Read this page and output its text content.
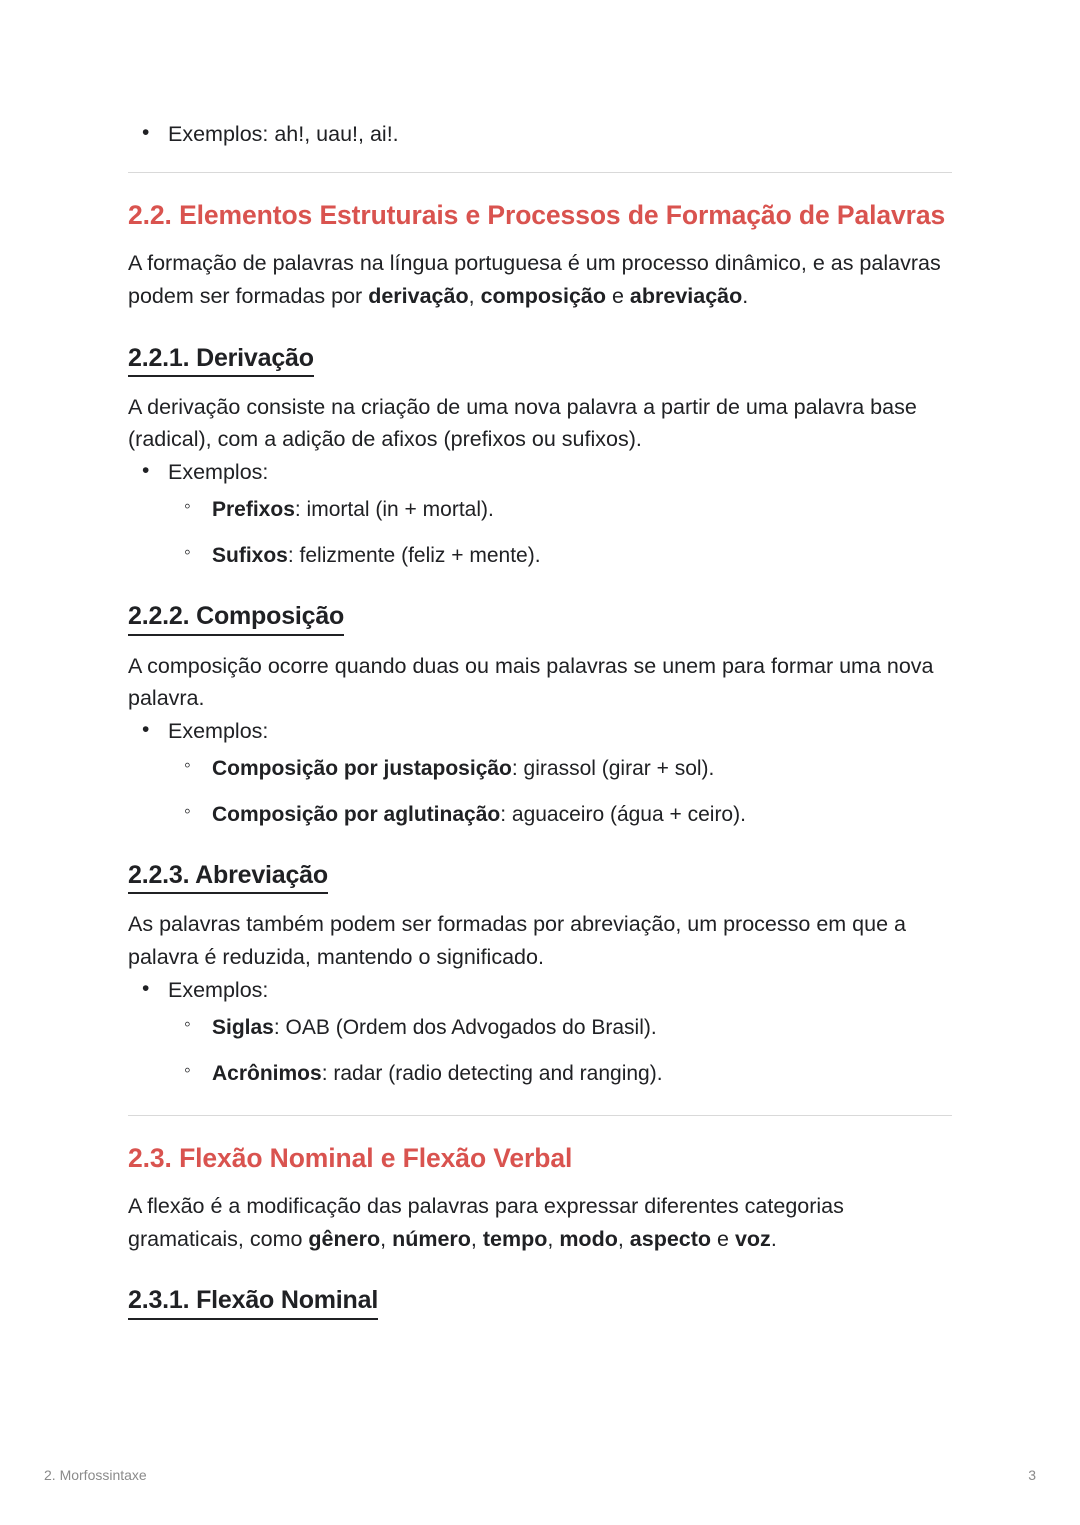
• Exemplos: ah!, uau!, ai!.
2.2. Elementos Estruturais e Processos de Formação de Palavras

A formação de palavras na língua portuguesa é um processo dinâmico, e as palavras podem ser formadas por derivação, composição e abreviação.

2.2.1. Derivação

A derivação consiste na criação de uma nova palavra a partir de uma palavra base (radical), com a adição de afixos (prefixos ou sufixos).

• Exemplos:
◦ Prefixos: imortal (in + mortal).
◦ Sufixos: felizmente (feliz + mente).
2.2.2. Composição

A composição ocorre quando duas ou mais palavras se unem para formar uma nova palavra.

• Exemplos:
◦ Composição por justaposição: girassol (girar + sol).
◦ Composição por aglutinação: aguaceiro (água + ceiro).
2.2.3. Abreviação

As palavras também podem ser formadas por abreviação, um processo em que a palavra é reduzida, mantendo o significado.

• Exemplos:
◦ Siglas: OAB (Ordem dos Advogados do Brasil).
◦ Acrônimos: radar (radio detecting and ranging).
2.3. Flexão Nominal e Flexão Verbal

A flexão é a modificação das palavras para expressar diferentes categorias gramaticais, como gênero, número, tempo, modo, aspecto e voz.

2.3.1. Flexão Nominal
2. Morfossintaxe	3
